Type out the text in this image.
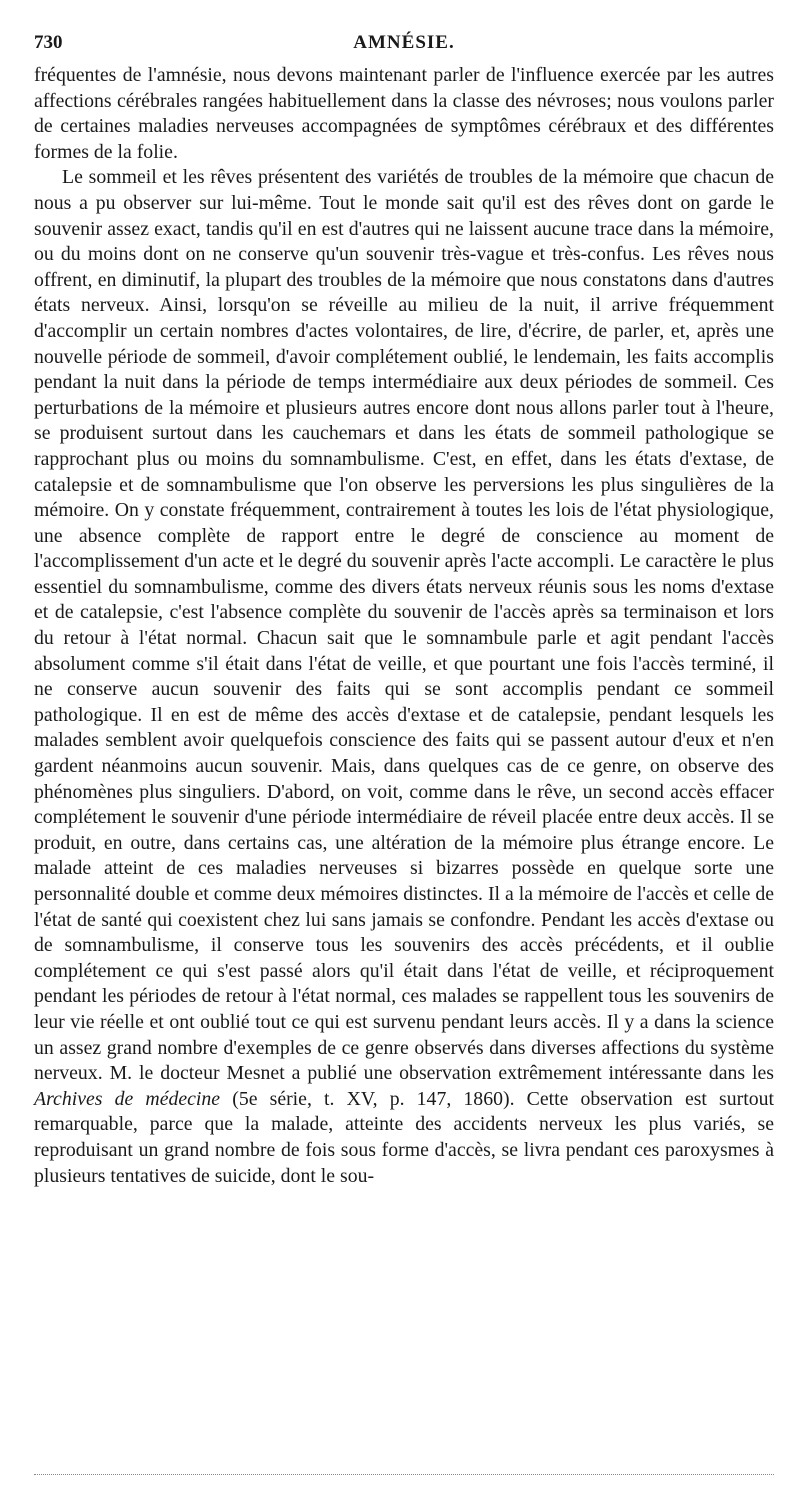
730	AMNÉSIE.

fréquentes de l'amnésie, nous devons maintenant parler de l'influence exercée par les autres affections cérébrales rangées habituellement dans la classe des névroses; nous voulons parler de certaines maladies nerveuses accompagnées de symptômes cérébraux et des différentes formes de la folie.

Le sommeil et les rêves présentent des variétés de troubles de la mémoire que chacun de nous a pu observer sur lui-même. Tout le monde sait qu'il est des rêves dont on garde le souvenir assez exact, tandis qu'il en est d'autres qui ne laissent aucune trace dans la mémoire, ou du moins dont on ne conserve qu'un souvenir très-vague et très-confus. Les rêves nous offrent, en diminutif, la plupart des troubles de la mémoire que nous constatons dans d'autres états nerveux. Ainsi, lorsqu'on se réveille au milieu de la nuit, il arrive fréquemment d'accomplir un certain nombres d'actes volontaires, de lire, d'écrire, de parler, et, après une nouvelle période de sommeil, d'avoir complétement oublié, le lendemain, les faits accomplis pendant la nuit dans la période de temps intermédiaire aux deux périodes de sommeil. Ces perturbations de la mémoire et plusieurs autres encore dont nous allons parler tout à l'heure, se produisent surtout dans les cauchemars et dans les états de sommeil pathologique se rapprochant plus ou moins du somnambulisme. C'est, en effet, dans les états d'extase, de catalepsie et de somnambulisme que l'on observe les perversions les plus singulières de la mémoire. On y constate fréquemment, contrairement à toutes les lois de l'état physiologique, une absence complète de rapport entre le degré de conscience au moment de l'accomplissement d'un acte et le degré du souvenir après l'acte accompli. Le caractère le plus essentiel du somnambulisme, comme des divers états nerveux réunis sous les noms d'extase et de catalepsie, c'est l'absence complète du souvenir de l'accès après sa terminaison et lors du retour à l'état normal. Chacun sait que le somnambule parle et agit pendant l'accès absolument comme s'il était dans l'état de veille, et que pourtant une fois l'accès terminé, il ne conserve aucun souvenir des faits qui se sont accomplis pendant ce sommeil pathologique. Il en est de même des accès d'extase et de catalepsie, pendant lesquels les malades semblent avoir quelquefois conscience des faits qui se passent autour d'eux et n'en gardent néanmoins aucun souvenir. Mais, dans quelques cas de ce genre, on observe des phénomènes plus singuliers. D'abord, on voit, comme dans le rêve, un second accès effacer complétement le souvenir d'une période intermédiaire de réveil placée entre deux accès. Il se produit, en outre, dans certains cas, une altération de la mémoire plus étrange encore. Le malade atteint de ces maladies nerveuses si bizarres possède en quelque sorte une personnalité double et comme deux mémoires distinctes. Il a la mémoire de l'accès et celle de l'état de santé qui coexistent chez lui sans jamais se confondre. Pendant les accès d'extase ou de somnambulisme, il conserve tous les souvenirs des accès précédents, et il oublie complétement ce qui s'est passé alors qu'il était dans l'état de veille, et réciproquement pendant les périodes de retour à l'état normal, ces malades se rappellent tous les souvenirs de leur vie réelle et ont oublié tout ce qui est survenu pendant leurs accès. Il y a dans la science un assez grand nombre d'exemples de ce genre observés dans diverses affections du système nerveux. M. le docteur Mesnet a publié une observation extrêmement intéressante dans les Archives de médecine (5e série, t. XV, p. 147, 1860). Cette observation est surtout remarquable, parce que la malade, atteinte des accidents nerveux les plus variés, se reproduisant un grand nombre de fois sous forme d'accès, se livra pendant ces paroxysmes à plusieurs tentatives de suicide, dont le sou-
